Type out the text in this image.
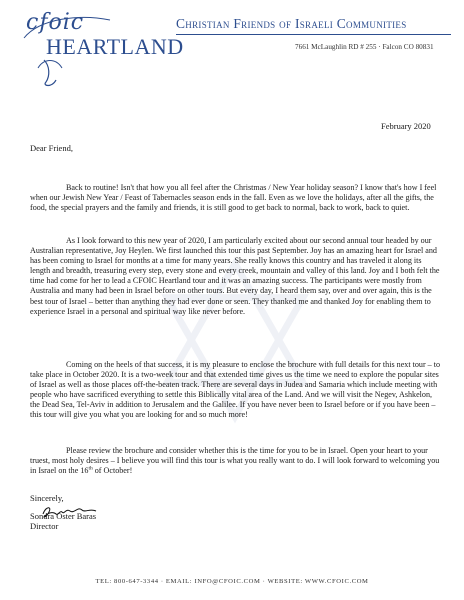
cfoic
HEARTLAND
Christian Friends of Israeli Communities
7661 McLaughlin RD # 255 · Falcon CO 80831
February 2020
Dear Friend,

Back to routine! Isn't that how you all feel after the Christmas / New Year holiday season? I know that's how I feel when our Jewish New Year / Feast of Tabernacles season ends in the fall. Even as we love the holidays, after all the gifts, the food, the special prayers and the family and friends, it is still good to get back to normal, back to work, back to quiet.

As I look forward to this new year of 2020, I am particularly excited about our second annual tour headed by our Australian representative, Joy Heylen. We first launched this tour this past September. Joy has an amazing heart for Israel and has been coming to Israel for months at a time for many years. She really knows this country and has traveled it along its length and breadth, treasuring every step, every stone and every creek, mountain and valley of this land. Joy and I both felt the time had come for her to lead a CFOIC Heartland tour and it was an amazing success. The participants were mostly from Australia and many had been in Israel before on other tours. But every day, I heard them say, over and over again, this is the best tour of Israel – better than anything they had ever done or seen. They thanked me and thanked Joy for enabling them to experience Israel in a personal and spiritual way like never before.

Coming on the heels of that success, it is my pleasure to enclose the brochure with full details for this next tour – to take place in October 2020. It is a two-week tour and that extended time gives us the time we need to explore the popular sites of Israel as well as those places off-the-beaten track. There are several days in Judea and Samaria which include meeting with people who have sacrificed everything to settle this Biblically vital area of the Land. And we will visit the Negev, Ashkelon, the Dead Sea, Tel-Aviv in addition to Jerusalem and the Galilee. If you have never been to Israel before or if you have been – this tour will give you what you are looking for and so much more!

Please review the brochure and consider whether this is the time for you to be in Israel. Open your heart to your truest, most holy desires – I believe you will find this tour is what you really want to do. I will look forward to welcoming you in Israel on the 16th of October!

Sincerely,
Sondra Oster Baras
Director
TEL: 800-647-3344 · EMAIL: INFO@CFOIC.COM · WEBSITE: WWW.CFOIC.COM
